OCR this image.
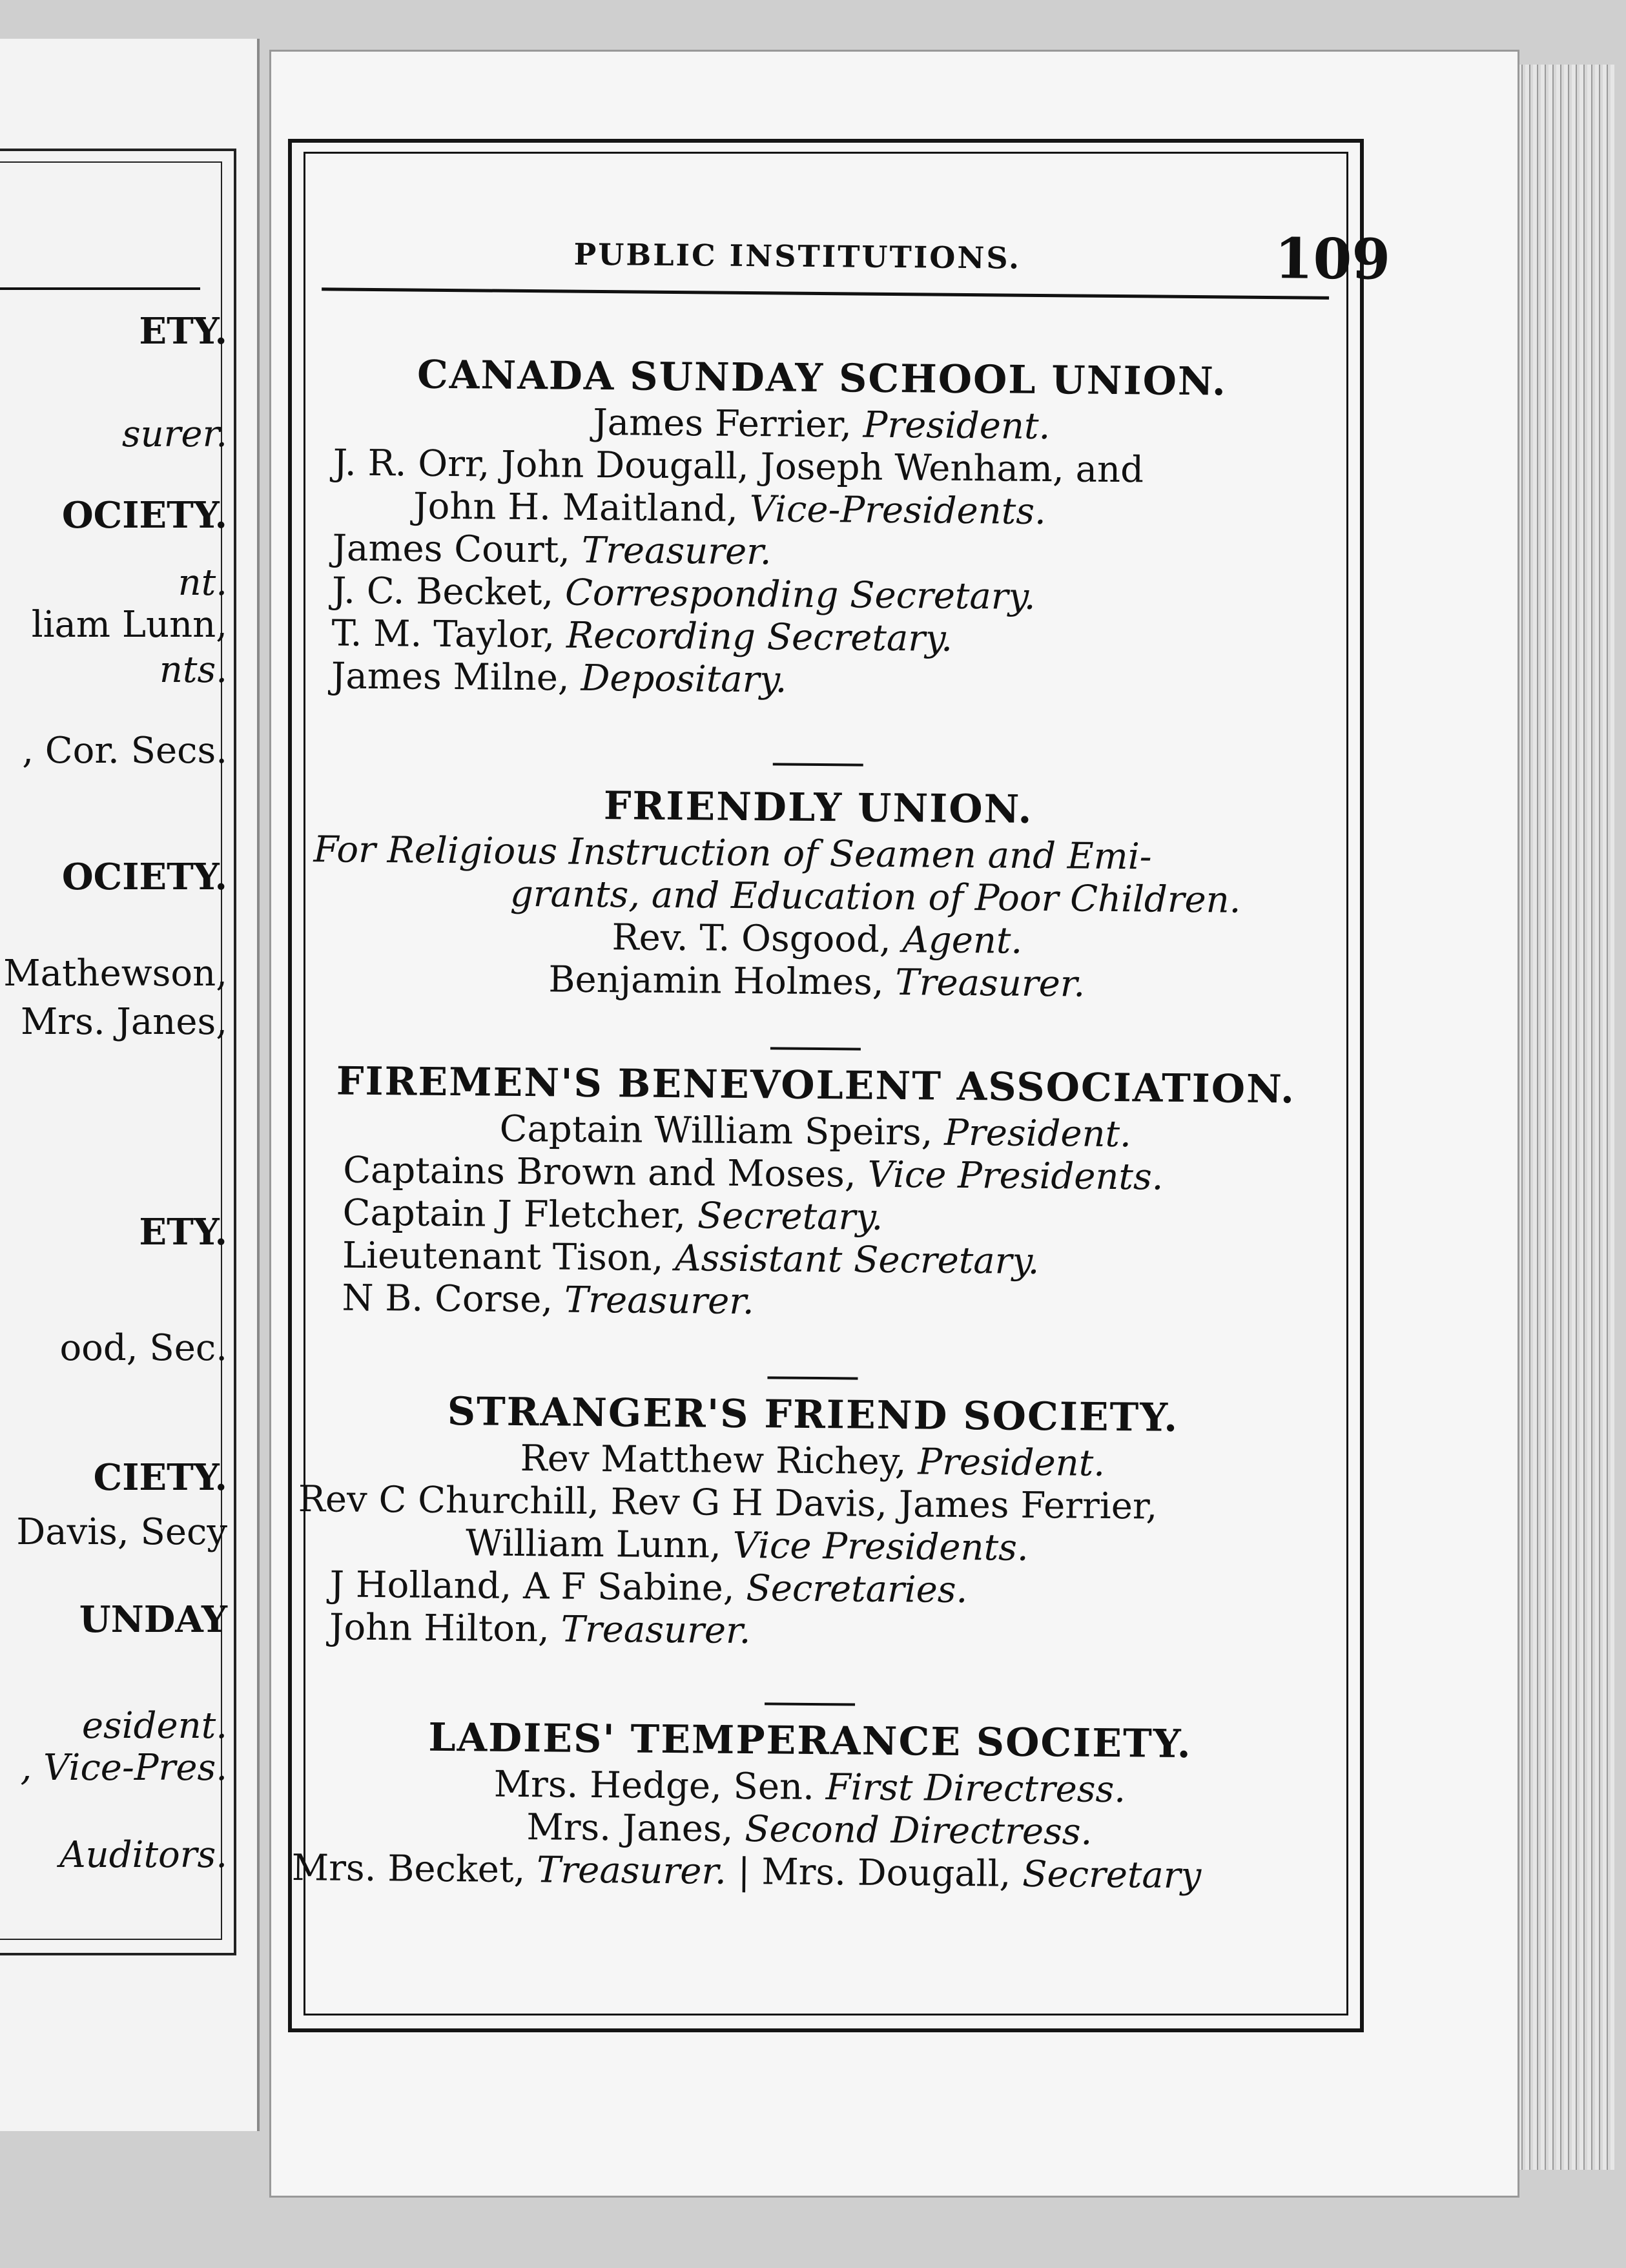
ETY.
surer.
OCIETY.
nt.
liam Lunn,
nts.
, Cor. Secs.
OCIETY.
Mathewson,
Mrs. Janes,
ETY.
ood, Sec.
CIETY.
Davis, Secy
UNDAY
esident.
, Vice-Pres.
Auditors.
PUBLIC INSTITUTIONS.	109

CANADA SUNDAY SCHOOL UNION.

James Ferrier, President.

J. R. Orr, John Dougall, Joseph Wenham, and

John H. Maitland, Vice-Presidents.

James Court, Treasurer.

J. C. Becket, Corresponding Secretary.

T. M. Taylor, Recording Secretary.

James Milne, Depositary.

FRIENDLY UNION.

For Religious Instruction of Seamen and Emi-

grants, and Education of Poor Children.

Rev. T. Osgood, Agent.

Benjamin Holmes, Treasurer.

FIREMEN'S BENEVOLENT ASSOCIATION.

Captain William Speirs, President.

Captains Brown and Moses, Vice Presidents.

Captain J Fletcher, Secretary.

Lieutenant Tison, Assistant Secretary.

N B. Corse, Treasurer.

STRANGER'S FRIEND SOCIETY.

Rev Matthew Richey, President.

Rev C Churchill, Rev G H Davis, James Ferrier,

William Lunn, Vice Presidents.

J Holland, A F Sabine, Secretaries.

John Hilton, Treasurer.

LADIES' TEMPERANCE SOCIETY.

Mrs. Hedge, Sen. First Directress.

Mrs. Janes, Second Directress.

Mrs. Becket, Treasurer. | Mrs. Dougall, Secretary
